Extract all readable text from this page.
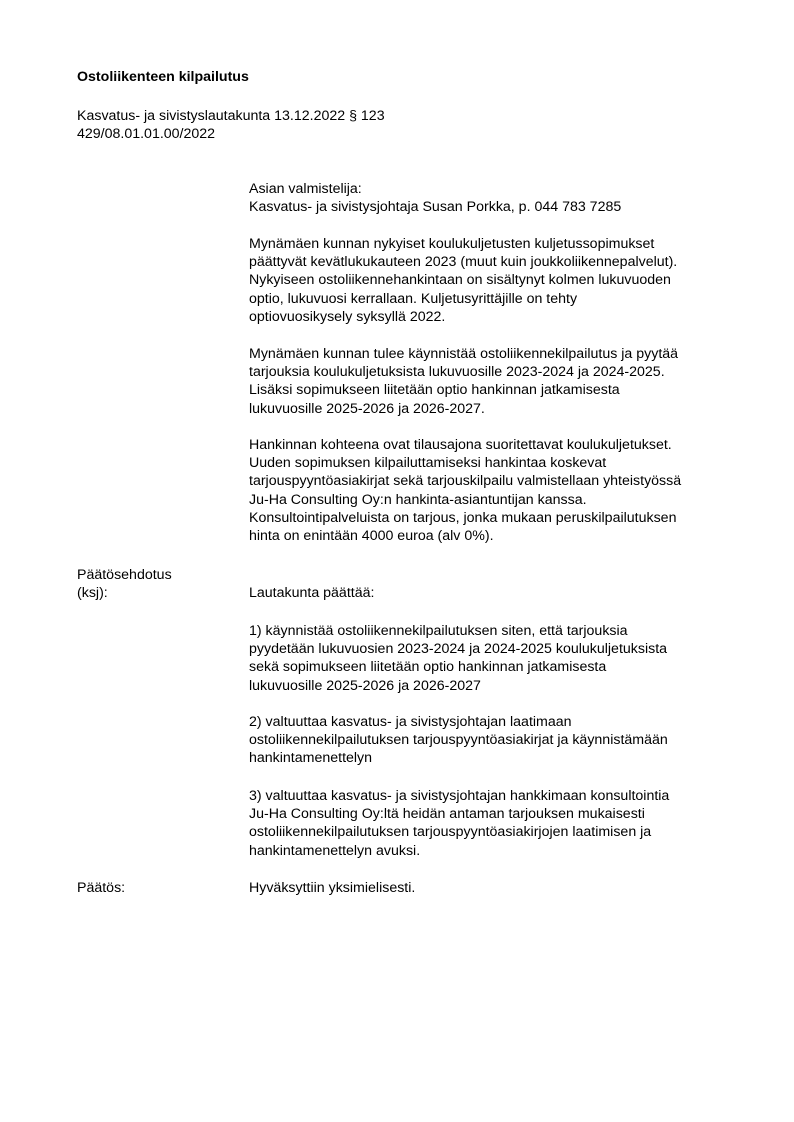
Ostoliikenteen kilpailutus
Kasvatus- ja sivistyslautakunta 13.12.2022 § 123
429/08.01.01.00/2022
Asian valmistelija:
Kasvatus- ja sivistysjohtaja Susan Porkka, p. 044 783 7285
Mynämäen kunnan nykyiset koulukuljetusten kuljetussopimukset
päättyvät kevätlukukauteen 2023 (muut kuin joukkoliikennepalvelut).
Nykyiseen ostoliikennehankintaan on sisältynyt kolmen lukuvuoden
optio, lukuvuosi kerrallaan. Kuljetusyrittäjille on tehty
optiovuosikysely syksyllä 2022.
Mynämäen kunnan tulee käynnistää ostoliikennekilpailutus ja pyytää
tarjouksia koulukuljetuksista lukuvuosille 2023-2024 ja 2024-2025.
Lisäksi sopimukseen liitetään optio hankinnan jatkamisesta
lukuvuosille 2025-2026 ja 2026-2027.
Hankinnan kohteena ovat tilausajona suoritettavat koulukuljetukset.
Uuden sopimuksen kilpailuttamiseksi hankintaa koskevat
tarjouspyyntöasiakirjat sekä tarjouskilpailu valmistellaan yhteistyössä
Ju-Ha Consulting Oy:n hankinta-asiantuntijan kanssa.
Konsultointipalveluista on tarjous, jonka mukaan peruskilpailutuksen
hinta on enintään 4000 euroa (alv 0%).
Päätösehdotus
(ksj):	Lautakunta päättää:
1) käynnistää ostoliikennekilpailutuksen siten, että tarjouksia
pyydetään lukuvuosien 2023-2024 ja 2024-2025 koulukuljetuksista
sekä sopimukseen liitetään optio hankinnan jatkamisesta
lukuvuosille 2025-2026 ja 2026-2027
2) valtuuttaa kasvatus- ja sivistysjohtajan laatimaan
ostoliikennekilpailutuksen tarjouspyyntöasiakirjat ja käynnistämään
hankintamenettelyn
3) valtuuttaa kasvatus- ja sivistysjohtajan hankkimaan konsultointia
Ju-Ha Consulting Oy:ltä heidän antaman tarjouksen mukaisesti
ostoliikennekilpailutuksen tarjouspyyntöasiakirjojen laatimisen ja
hankintamenettelyn avuksi.
Päätös:	Hyväksyttiin yksimielisesti.
